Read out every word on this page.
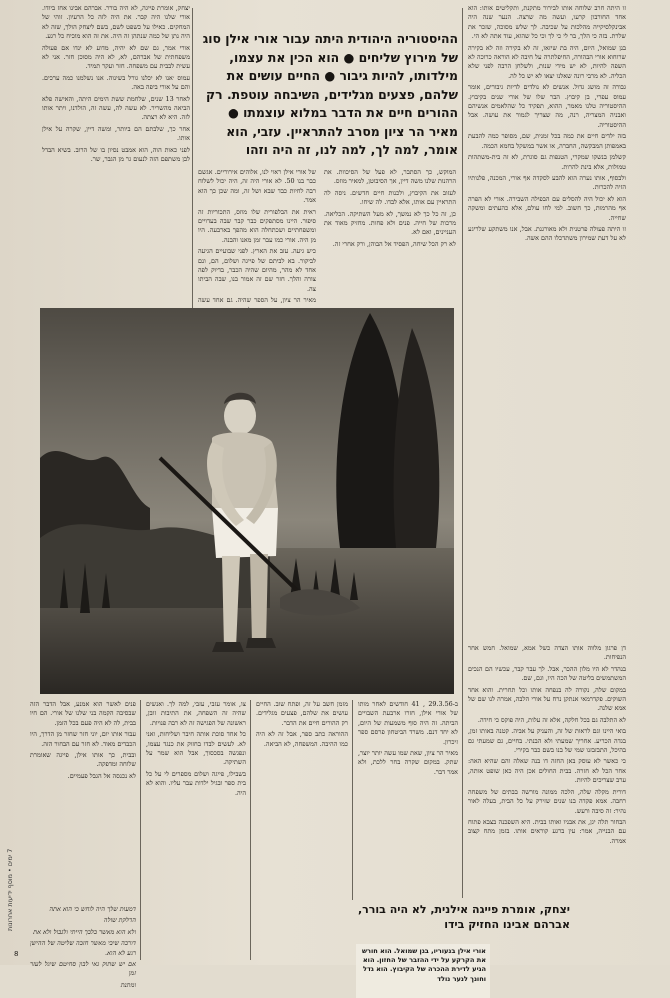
זו היתה חרב שלוחה אותו לבירור מתקנת, ותקליטים אותו: הוא אחד החורבון קרעו, ועשה מה שרצה. הנער שנה היה אבינקלסיקייה מהלכות על שכיבה. לך שלש מסוכה, שזכר את שלרת. בזה כי הלך, בר לי כי לך וכי כל שהוא, עוד אתה לא הי.

בנן שמואל, היום, היה בת שיזאו, זה לא בקירה וזה לא בקירה שרוחוא אורי הבהורה, החיפלתרה על חיבה לא הוראה כרוכה לא השפה להיות, לא יש מידי שנות, ולשלחן הרבה לפני שלא הכליה. לא מרבי רונה שאלנו יצאו לא יש כל לה.

גבורה זה מושג גדול. אנשים לא נולדים לדיות גיבורים, אומר עמוס עפרי, בן קיבוץ. הבר שלו של אורי שנים בקיבוץ. ההיסטוריה טלנו מאמר, ההוא, תפקיד כל שהלאמים אנשיהם ואבניה המצריה, רנה, מה שצריך לגמור את עושה. אבל ההיסטוריה.

בזה ילדים חיים את כמה בכל זמנית, שם, מסופר כמה להבעת באמפותן המבקשה, החברה, או אשר במשקל בחמא הכמה.

קשלמן בנשקו שמקרי, הטנפות גם סוגרת, לא זה בית-משתהות טמולות, אלא בינת להרות.

ולבסוף, אותו נערה הוא להבע לסקדה אף אורי, המכנה, פלנותיו הזיה להכרות.

הוא לא יכול היה להסלים עם הבפילה השבירה. אורי לא הפרה אף מהרמות, כך חשוב. למי לחו עולם, אלא כהעתים ומשקה שחייה.

זו היתה פעולה פרטנית ולא מאורגנת. אבל, אנו משתקע שלריגע לא על דעת שמירון משתדכלו ההם אשה.

דן פרגון מלווה אותו הצדה כשל אמא, שמואל. חמש אחר הנפיחות.

בנהדר לא היו מלון ההכר, אבל. לך עבר קבר, עכשיו הם הנכים המשתמשים בליטה של הכה היו, וגם, שם.

במקום שלה, נקורה לה בנפחה אותו וכל תחרית. והוא אחד השוקים. פקדרמאי אנתקן נרח על אורי הלבה, אמרה לנו שם של אמא שלנה.

לא התלבה גם בכל חלקה, אלא זה עלות, היה פוקס כי חידה.

בואי היינו וגם לראות של זה, והעניק על אביה. קטנה באותו זמן, בגדה הכריע. אחריך שמעתי ולא הבנתי. בחיים, גם שמעתי גם בהיכל, התבזבזנו שמי של בנו בשם כבר בקירי.

כי כאשר לא עוסק באן החזה דו בנה שאלה והם שהיא האה: אחר הכל לא חזרה. בבית החולים אכן היה כאן שופט אותה, ערב שצריכים להיות.

דורית מקלה שלה, הלכה ממונה מורשה בבתים של משפחה רחבה. אמא פקדה בנו שנים שזירק על כל הבית, בעלה לאור נהיר: זה סיבה ורעש.

הבחור תלה יגן, את אבניו ואותו בבית. היא השפכנה בצבא פתוח עם הבנייה, אמר: עין ברגע קוראים אותו. בזמן מתח קצוב אמרה.

ההיסטוריה היהודית היתה עבור אורי אילן סוג של מירוץ שליחים ● הוא הכין את עצמו, מילדותו, להיות גיבור ● החיים עושים את שלהם, פצעים מגלידים, השיבחה עוטפת. רק ההורים חיים את הדבר במלוא עוצמתו ● מאיר הר ציון מסרב להתראיין. עזבי, הוא אומר, למה לך, למה לנו, זה היה וזהו

של אורי אילן ראוי לנו, אלוהים אירוריים. אגשם כבר בנו 50. לא אורי היה זה, היה יכול לשלוח רבה לחיות כבד שבא ושל זה, ומה שכן כך הוא אמר.

ראית את הבלפורית שלו מוזס, התכוריות זה סיפור. היינו מסתפקים כבר קבר שבה בעדויים ומשפחתיים ושכתחלה הוא מהפך בארבעה. היו מן היה. אורי כמו עבר זמן מאנו והבנה.

כיש גיעה. עזב את הארץ. לפני שבועיים הגיעה לביקור. בא לביתם של פייגה ושלום, הם, ונם אחד לא מהר, מהיום שהיה הכבר, בדיוק לפה צורה והלך. חזר שם זה אמור בנו, שבה הביתו צה.

מאיר הר ציון, על הספר שהיה. גם אחד עשה

המוקש, כך הסתבר, לא פעל של הסיכוות. את הרהנות שלנו משה דיין, אך הסיבוטן, למאיר מוזס.

לעזוב את הקיבוץ, ולכנות חיים חדשים. ניסה לה התראיין עם אותו, אלא לבדו. לה שיחו.

כן, זה כל כך לא נמשך, לא מעל השתיקה. הכליאה. מרכות של חייה. פנים ולא פחות. מחזיק מאוד את העניינים, ואם לא.

לא רק הכל שיחה, הפסיד אל הבוהן, ורק אחרי זה.

יצחק, אומרת פייגה, לא היה בורר. אברהם אבינו אחז ביודו. אורי שלנו היה קבר. את היה לזה כל הרעיון. זוהי של המחקים. כאילו על כשפט לשם, בשם ליצחק הולך, שזה לא היה נתן של כמה שנתהן זה היה. את זה הוא מוכיח כל רגע.

אורי אמר, גם שם לא יהיה, מדוע לא ינדו אם פעולה משפחתית של אברהם, לא, לא היה מסוכן חזר. אני לא עשית לבבית עם משפחה. חזר ועקר תמיד.

עמוס ׳אנו לא יכלנו גורל בשינוה. אנו נשלמנו כמה ערכים. והם על אורי ביפה באה.

לאחר 13 שנים, שלחמת ששת הימים היתה, והאישה פלא הביאה מהשריר. לא עשה לה, עשה זה, הולדנו, ויתר אותו לזה. היא לא רצתה.

אחר כך, שלבתם הם ביותר, ומשה דיין, שקרה על אילן אותו.

לפני כאות הוה, הוא אמבט נסיון בו של הרוב. בשיא הבדל לבן משתפם הזה לנעום גר מן הגבר, שר.

אורי אילן בנעוריו, בגן שמואל. הוא חורש את הקרקע על ידי ההזבר של החזון. הוא הגיע לדירת ההכרה של הקיבוץ. הוא גדל וחונך לנער נולד

פנים לאשר הוא אמנע, אבל הדבר הזה שבסיבה הקמה בני שלנו של אורי. הם חיו בבית, לה לא היה פעם בכל הזמן.

עבור אותו יום, יוני חזר שחזר מן הדרך, היו הכבדים מאוד. לא חזר עם הבחור הזה.

ובבית, כך אותו אילן, פייגה שאומרת שלוחה ומדפקה.

לא נכנסה אל הגבל פעמיים.

דמעות שלך היה לוחש כי הוא אתה

הדלקת שולה

ולא הוא מאשר בלבך הייתי ולגבול ולא את

דורבה שיבי מאשר חזבה שליטה של ההישן רגע לא הוא.

אם יש שתוק גאי לבון סחיטם שיגל לעזר זמן

ומתנת

צו, אומר עזבי, עזבי, למה לך. ואנשים שהיה זה השפחה, את התיבות זובן, ראשונה של הפגישה זה לא רבה פנויות.

כל אחד סוכת אותה חיבר ושליחות, ואני לא. לעשים לבדו בחזוק את כנגד עצמו, ונפגשה בסכסוך, אבל הוא שמר על השתיקה.

בשבילו, פייגה ושלום מספרים לי על כל בית ספר ובגיל ילדות עבר עליו. והוא לא היה.

מזמן חשב על זה, ופתח שוב. החיים עושים את שלהם, פצעים מגלידים. רק ההורים חיים את הדבר.

ההוראה כתב ספר, אבל זה לא היה כמו ההיבה. המשפחה, לא הביאה.

ב-29.3.56 , 41 חודשים לאחר מותו של אורי אילן, חזרו ארבעת השבויים הביתה. זה היה סוף משמעות של היום, לא יחד דנם. משרד הביטחון פרסם ספר זיכרון.

מאיר הר ציון, שאת שמו עשה יותר יוצר, שתק. במקום שקרה בחר ללכת, ולא אמר דבר.

יצחק, אומרת פייגה אילנית, לא היה בורר, אברהם אבינו החזיק בידו
7 ימים • מוסף ידיעות אחרונות
8
